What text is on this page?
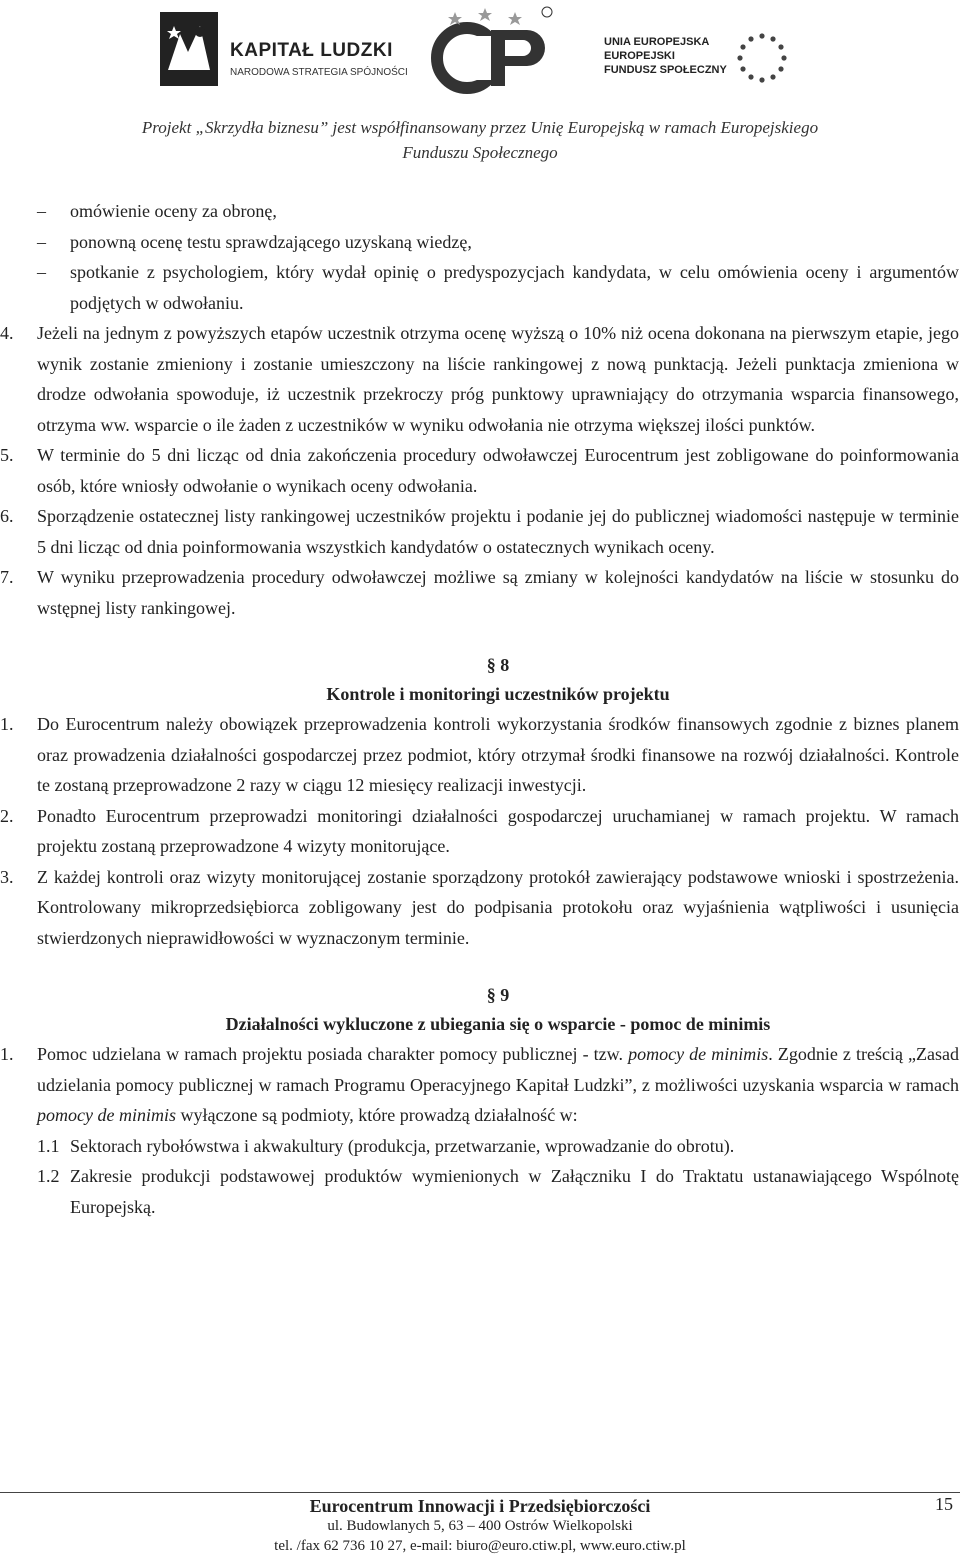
KAPITAŁ LUDZKI
NARODOWA STRATEGIA SPÓJNOŚCI
UNIA EUROPEJSKA
EUROPEJSKI
FUNDUSZ SPOŁECZNY
Projekt „Skrzydła biznesu” jest współfinansowany przez Unię Europejską w ramach Europejskiego
Funduszu Społecznego
– omówienie oceny za obronę,
– ponowną ocenę testu sprawdzającego uzyskaną wiedzę,
– spotkanie z psychologiem, który wydał opinię o predyspozycjach kandydata, w celu omówienia oceny i argumentów podjętych w odwołaniu.
4. Jeżeli na jednym z powyższych etapów uczestnik otrzyma ocenę wyższą o 10% niż ocena dokonana na pierwszym etapie, jego wynik zostanie zmieniony i zostanie umieszczony na liście rankingowej z nową punktacją. Jeżeli punktacja zmieniona w drodze odwołania spowoduje, iż uczestnik przekroczy próg punktowy uprawniający do otrzymania wsparcia finansowego, otrzyma ww. wsparcie o ile żaden z uczestników w wyniku odwołania nie otrzyma większej ilości punktów.
5. W terminie do 5 dni licząc od dnia zakończenia procedury odwoławczej Eurocentrum jest zobligowane do poinformowania osób, które wniosły odwołanie o wynikach oceny odwołania.
6. Sporządzenie ostatecznej listy rankingowej uczestników projektu i podanie jej do publicznej wiadomości następuje w terminie 5 dni licząc od dnia poinformowania wszystkich kandydatów o ostatecznych wynikach oceny.
7. W wyniku przeprowadzenia procedury odwoławczej możliwe są zmiany w kolejności kandydatów na liście w stosunku do wstępnej listy rankingowej.
§ 8
Kontrole i monitoringi uczestników projektu
1. Do Eurocentrum należy obowiązek przeprowadzenia kontroli wykorzystania środków finansowych zgodnie z biznes planem oraz prowadzenia działalności gospodarczej przez podmiot, który otrzymał środki finansowe na rozwój działalności. Kontrole te zostaną przeprowadzone 2 razy w ciągu 12 miesięcy realizacji inwestycji.
2. Ponadto Eurocentrum przeprowadzi monitoringi działalności gospodarczej uruchamianej w ramach projektu. W ramach projektu zostaną przeprowadzone 4 wizyty monitorujące.
3. Z każdej kontroli oraz wizyty monitorującej zostanie sporządzony protokół zawierający podstawowe wnioski i spostrzeżenia. Kontrolowany mikroprzedsiębiorca zobligowany jest do podpisania protokołu oraz wyjaśnienia wątpliwości i usunięcia stwierdzonych nieprawidłowości w wyznaczonym terminie.
§ 9
Działalności wykluczone z ubiegania się o wsparcie - pomoc de minimis
1. Pomoc udzielana w ramach projektu posiada charakter pomocy publicznej - tzw. pomocy de minimis. Zgodnie z treścią „Zasad udzielania pomocy publicznej w ramach Programu Operacyjnego Kapitał Ludzki”, z możliwości uzyskania wsparcia w ramach pomocy de minimis wyłączone są podmioty, które prowadzą działalność w:
1.1 Sektorach rybołówstwa i akwakultury (produkcja, przetwarzanie, wprowadzanie do obrotu).
1.2 Zakresie produkcji podstawowej produktów wymienionych w Załączniku I do Traktatu ustanawiającego Wspólnotę Europejską.
Eurocentrum Innowacji i Przedsiębiorczości
ul. Budowlanych 5, 63 – 400 Ostrów Wielkopolski
tel. /fax 62 736 10 27, e-mail: biuro@euro.ctiw.pl, www.euro.ctiw.pl
15
